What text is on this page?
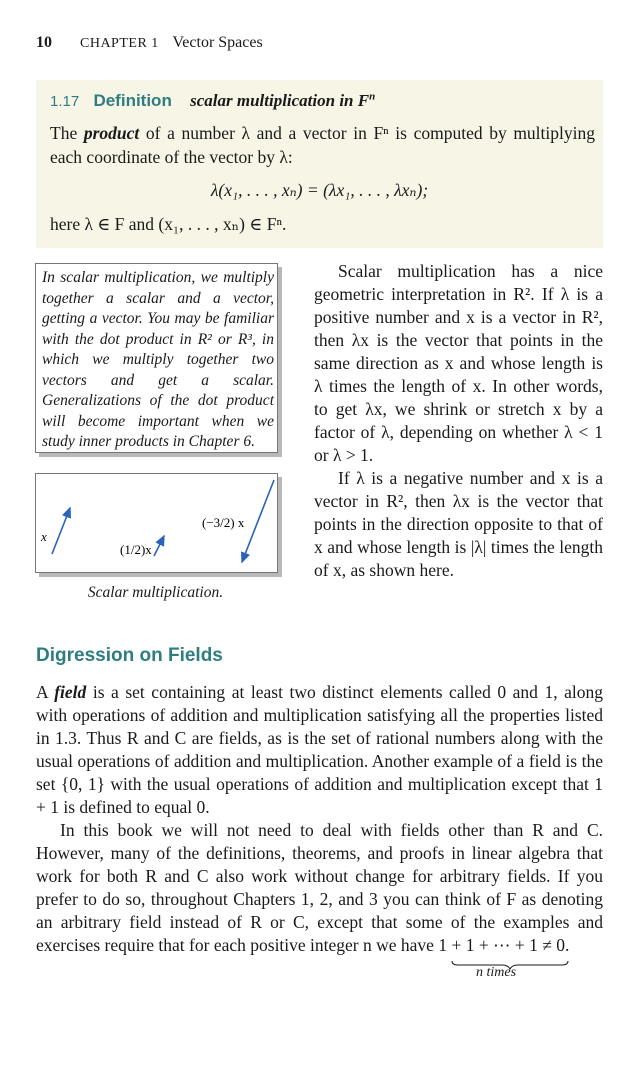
10 CHAPTER 1 Vector Spaces
1.17 Definition scalar multiplication in $F^n$
The product of a number λ and a vector in Fⁿ is computed by multiplying each coordinate of the vector by λ:
λ(x₁, . . . , xₙ) = (λx₁, . . . , λxₙ);
here λ ∈ F and (x₁, . . . , xₙ) ∈ Fⁿ.
In scalar multiplication, we multiply together a scalar and a vector, getting a vector. You may be familiar with the dot product in R² or R³, in which we multiply together two vectors and get a scalar. Generalizations of the dot product will become important when we study inner products in Chapter 6.
x
(1/2)x
(−3/2) x
Scalar multiplication.

Scalar multiplication has a nice geometric interpretation in R². If λ is a positive number and x is a vector in R², then λx is the vector that points in the same direction as x and whose length is λ times the length of x. In other words, to get λx, we shrink or stretch x by a factor of λ, depending on whether λ < 1 or λ > 1.

If λ is a negative number and x is a vector in R², then λx is the vector that points in the direction opposite to that of x and whose length is |λ| times the length of x, as shown here.

Digression on Fields

A field is a set containing at least two distinct elements called 0 and 1, along with operations of addition and multiplication satisfying all the properties listed in 1.3. Thus R and C are fields, as is the set of rational numbers along with the usual operations of addition and multiplication. Another example of a field is the set {0, 1} with the usual operations of addition and multiplication except that 1 + 1 is defined to equal 0.

In this book we will not need to deal with fields other than R and C. However, many of the definitions, theorems, and proofs in linear algebra that work for both R and C also work without change for arbitrary fields. If you prefer to do so, throughout Chapters 1, 2, and 3 you can think of F as denoting an arbitrary field instead of R or C, except that some of the examples and exercises require that for each positive integer n we have 1 + 1 + ⋯ + 1 ≠ 0.

n times
